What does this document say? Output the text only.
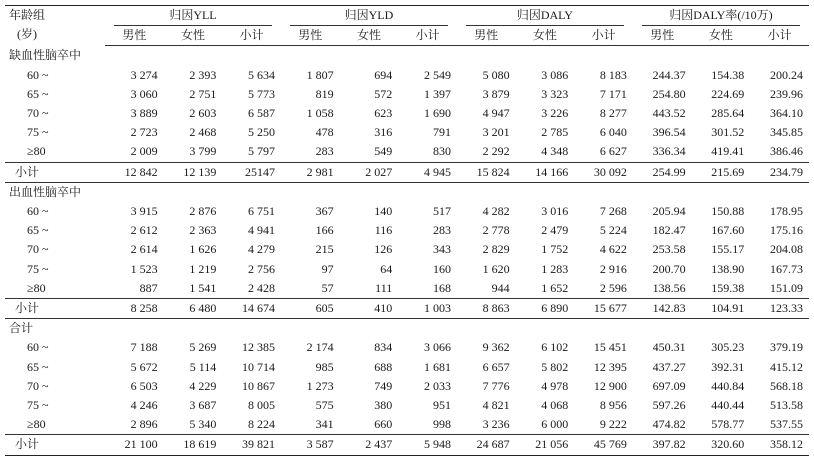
年龄组
(岁)	归因YLL			归因YLD			归因DALY			归因DALY率(/10万)		
	男性	女性	小计	男性	女性	小计	男性	女性	小计	男性	女性	小计
缺血性脑卒中												
60 ~	3 274	2 393	5 634	1 807	694	2 549	5 080	3 086	8 183	244.37	154.38	200.24
65 ~	3 060	2 751	5 773	819	572	1 397	3 879	3 323	7 171	254.80	224.69	239.96
70 ~	3 889	2 603	6 587	1 058	623	1 690	4 947	3 226	8 277	443.52	285.64	364.10
75 ~	2 723	2 468	5 250	478	316	791	3 201	2 785	6 040	396.54	301.52	345.85
≥80	2 009	3 799	5 797	283	549	830	2 292	4 348	6 627	336.34	419.41	386.46
小计	12 842	12 139	25147	2 981	2 027	4 945	15 824	14 166	30 092	254.99	215.69	234.79
出血性脑卒中												
60 ~	3 915	2 876	6 751	367	140	517	4 282	3 016	7 268	205.94	150.88	178.95
65 ~	2 612	2 363	4 941	166	116	283	2 778	2 479	5 224	182.47	167.60	175.16
70 ~	2 614	1 626	4 279	215	126	343	2 829	1 752	4 622	253.58	155.17	204.08
75 ~	1 523	1 219	2 756	97	64	160	1 620	1 283	2 916	200.70	138.90	167.73
≥80	887	1 541	2 428	57	111	168	944	1 652	2 596	138.56	159.38	151.09
小计	8 258	6 480	14 674	605	410	1 003	8 863	6 890	15 677	142.83	104.91	123.33
合计												
60 ~	7 188	5 269	12 385	2 174	834	3 066	9 362	6 102	15 451	450.31	305.23	379.19
65 ~	5 672	5 114	10 714	985	688	1 681	6 657	5 802	12 395	437.27	392.31	415.12
70 ~	6 503	4 229	10 867	1 273	749	2 033	7 776	4 978	12 900	697.09	440.84	568.18
75 ~	4 246	3 687	8 005	575	380	951	4 821	4 068	8 956	597.26	440.44	513.58
≥80	2 896	5 340	8 224	341	660	998	3 236	6 000	9 222	474.82	578.77	537.55
小计	21 100	18 619	39 821	3 587	2 437	5 948	24 687	21 056	45 769	397.82	320.60	358.12
